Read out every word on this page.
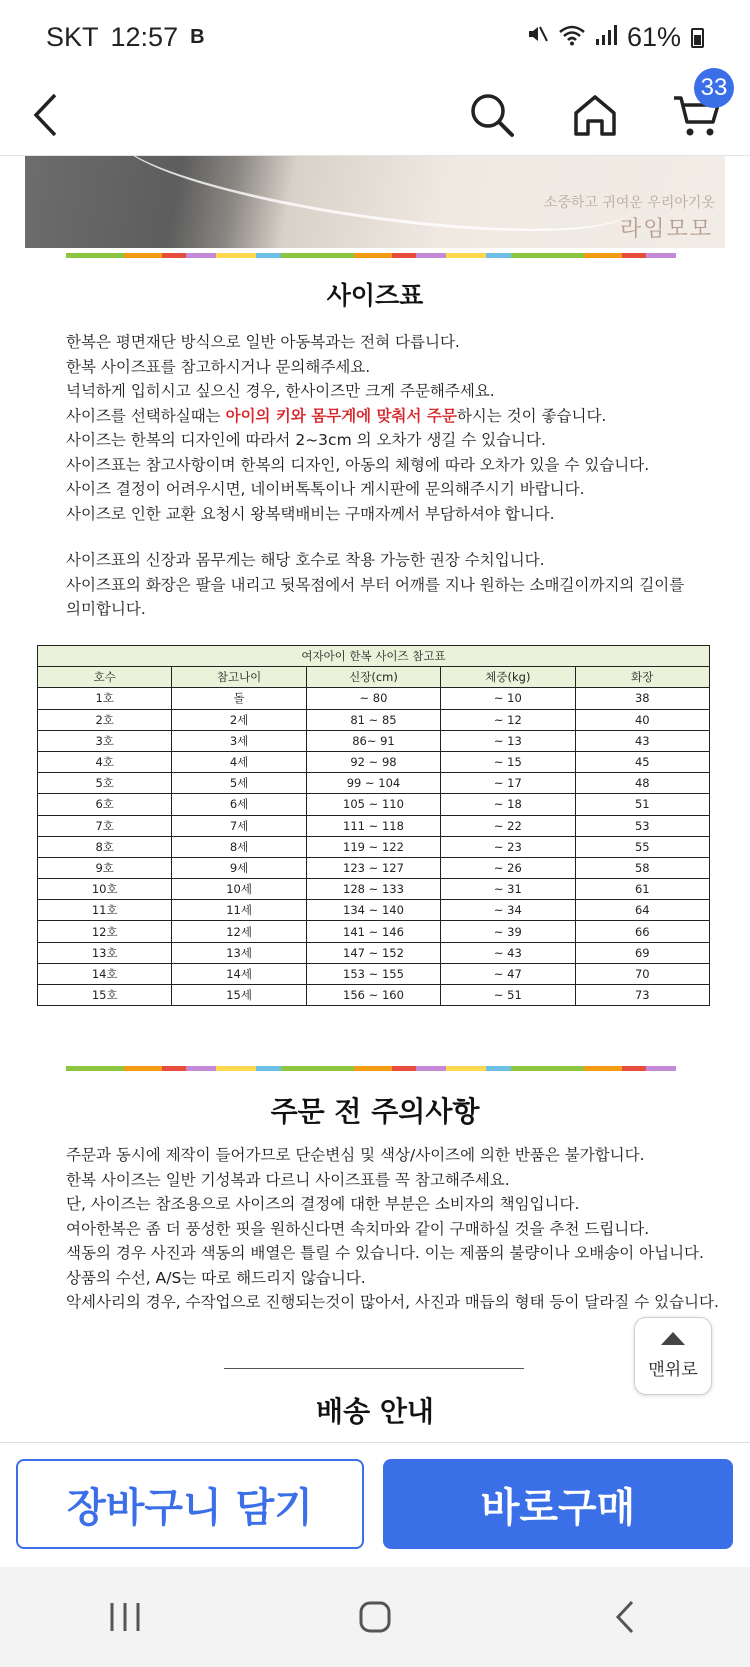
SKT 12:57 B	61%
33
소중하고 귀여운 우리아기옷
라임모모
사이즈표
한복은 평면재단 방식으로 일반 아동복과는 전혀 다릅니다.
한복 사이즈표를 참고하시거나 문의해주세요.
넉넉하게 입히시고 싶으신 경우, 한사이즈만 크게 주문해주세요.
사이즈를 선택하실때는 아이의 키와 몸무게에 맞춰서 주문하시는 것이 좋습니다.
사이즈는 한복의 디자인에 따라서 2~3cm 의 오차가 생길 수 있습니다.
사이즈표는 참고사항이며 한복의 디자인, 아동의 체형에 따라 오차가 있을 수 있습니다.
사이즈 결정이 어려우시면, 네이버톡톡이나 게시판에 문의해주시기 바랍니다.
사이즈로 인한 교환 요청시 왕복택배비는 구매자께서 부담하셔야 합니다.
사이즈표의 신장과 몸무게는 해당 호수로 착용 가능한 권장 수치입니다.
사이즈표의 화장은 팔을 내리고 뒷목점에서 부터 어깨를 지나 원하는 소매길이까지의 길이를
의미합니다.
여자아이 한복 사이즈 참고표				
호수	참고나이	신장(cm)	체중(kg)	화장
1호	돌	~ 80	~ 10	38
2호	2세	81 ~ 85	~ 12	40
3호	3세	86~ 91	~ 13	43
4호	4세	92 ~ 98	~ 15	45
5호	5세	99 ~ 104	~ 17	48
6호	6세	105 ~ 110	~ 18	51
7호	7세	111 ~ 118	~ 22	53
8호	8세	119 ~ 122	~ 23	55
9호	9세	123 ~ 127	~ 26	58
10호	10세	128 ~ 133	~ 31	61
11호	11세	134 ~ 140	~ 34	64
12호	12세	141 ~ 146	~ 39	66
13호	13세	147 ~ 152	~ 43	69
14호	14세	153 ~ 155	~ 47	70
15호	15세	156 ~ 160	~ 51	73
주문 전 주의사항
주문과 동시에 제작이 들어가므로 단순변심 및 색상/사이즈에 의한 반품은 불가합니다.
한복 사이즈는 일반 기성복과 다르니 사이즈표를 꼭 참고해주세요.
단, 사이즈는 참조용으로 사이즈의 결정에 대한 부분은 소비자의 책임입니다.
여아한복은 좀 더 풍성한 핏을 원하신다면 속치마와 같이 구매하실 것을 추천 드립니다.
색동의 경우 사진과 색동의 배열은 틀릴 수 있습니다. 이는 제품의 불량이나 오배송이 아닙니다.
상품의 수선, A/S는 따로 해드리지 않습니다.
악세사리의 경우, 수작업으로 진행되는것이 많아서, 사진과 매듭의 형태 등이 달라질 수 있습니다.
배송 안내
맨위로
장바구니 담기	바로구매
